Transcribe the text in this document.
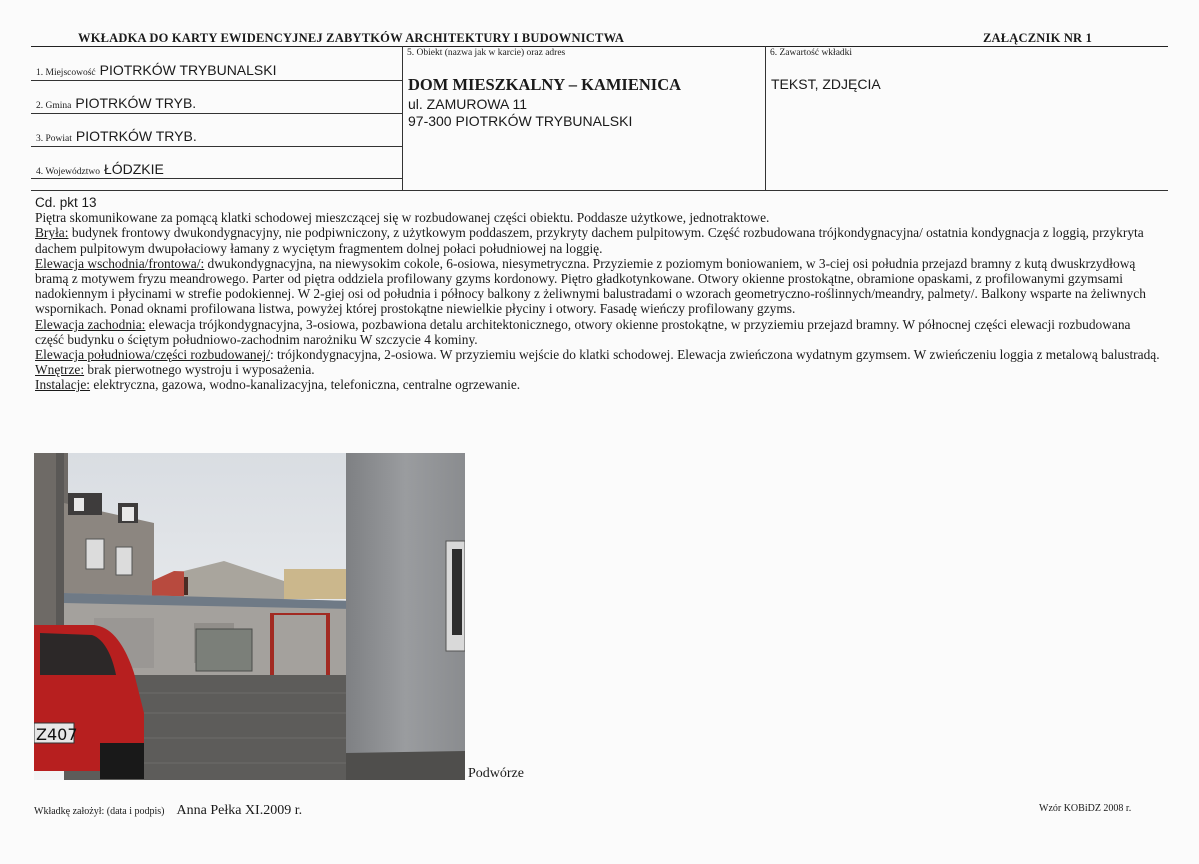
WKŁADKA DO KARTY EWIDENCYJNEJ ZABYTKÓW ARCHITEKTURY I BUDOWNICTWA	ZAŁĄCZNIK NR 1
1. Miejscowość PIOTRKÓW TRYBUNALSKI
2. Gmina PIOTRKÓW TRYB.
3. Powiat PIOTRKÓW TRYB.
4. Województwo ŁÓDZKIE
5. Obiekt (nazwa jak w karcie) oraz adres
DOM MIESZKALNY – KAMIENICA
ul. ZAMUROWA 11
97-300 PIOTRKÓW TRYBUNALSKI
6. Zawartość wkładki
TEKST, ZDJĘCIA

Cd. pkt 13

Piętra skomunikowane za pomącą klatki schodowej mieszczącej się w rozbudowanej części obiektu. Poddasze użytkowe, jednotraktowe.

Bryła: budynek frontowy dwukondygnacyjny, nie podpiwniczony, z użytkowym poddaszem, przykryty dachem pulpitowym. Część rozbudowana trójkondygnacyjna/ ostatnia kondygnacja z loggią, przykryta dachem pulpitowym dwupołaciowy łamany z wyciętym fragmentem dolnej połaci południowej na loggię.

Elewacja wschodnia/frontowa/: dwukondygnacyjna, na niewysokim cokole, 6-osiowa, niesymetryczna. Przyziemie z poziomym boniowaniem, w 3-ciej osi południa przejazd bramny z kutą dwuskrzydłową bramą z motywem fryzu meandrowego. Parter od piętra oddziela profilowany gzyms kordonowy. Piętro gładkotynkowane. Otwory okienne prostokątne, obramione opaskami, z profilowanymi gzymsami nadokiennym i płycinami w strefie podokiennej. W 2-giej osi od południa i północy balkony z żeliwnymi balustradami o wzorach geometryczno-roślinnych/meandry, palmety/. Balkony wsparte na żeliwnych wspornikach. Ponad oknami profilowana listwa, powyżej której prostokątne niewielkie płyciny i otwory. Fasadę wieńczy profilowany gzyms.

Elewacja zachodnia: elewacja trójkondygnacyjna, 3-osiowa, pozbawiona detalu architektonicznego, otwory okienne prostokątne, w przyziemiu przejazd bramny. W północnej części elewacji rozbudowana część budynku o ściętym południowo-zachodnim narożniku W szczycie 4 kominy.

Elewacja południowa/części rozbudowanej/: trójkondygnacyjna, 2-osiowa. W przyziemiu wejście do klatki schodowej. Elewacja zwieńczona wydatnym gzymsem. W zwieńczeniu loggia z metalową balustradą. Wnętrze: brak pierwotnego wystroju i wyposażenia.

Instalacje: elektryczna, gazowa, wodno-kanalizacyjna, telefoniczna, centralne ogrzewanie.

Z407
Podwórze
Wkładkę założył: (data i podpis) Anna Pełka XI.2009 r.	Wzór KOBiDZ 2008 r.
